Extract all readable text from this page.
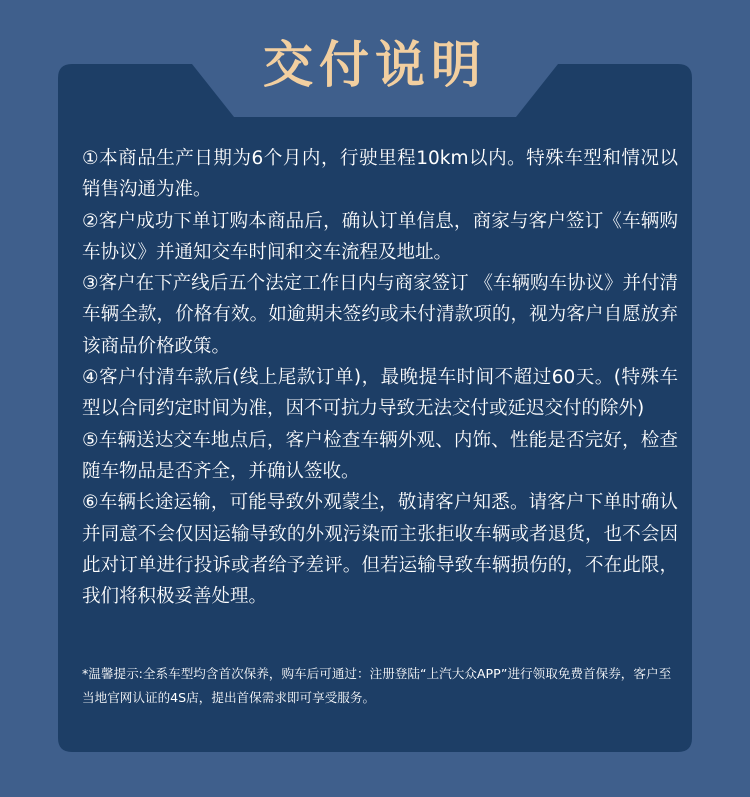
交付说明

①本商品生产日期为6个月内，行驶里程10km以内。特殊车型和情况以销售沟通为准。

②客户成功下单订购本商品后，确认订单信息，商家与客户签订《车辆购车协议》并通知交车时间和交车流程及地址。

③客户在下产线后五个法定工作日内与商家签订 《车辆购车协议》并付清车辆全款，价格有效。如逾期未签约或未付清款项的，视为客户自愿放弃该商品价格政策。

④客户付清车款后(线上尾款订单)，最晚提车时间不超过60天。(特殊车型以合同约定时间为准，因不可抗力导致无法交付或延迟交付的除外)

⑤车辆送达交车地点后，客户检查车辆外观、内饰、性能是否完好，检查随车物品是否齐全，并确认签收。

⑥车辆长途运输，可能导致外观蒙尘，敬请客户知悉。请客户下单时确认并同意不会仅因运输导致的外观污染而主张拒收车辆或者退货，也不会因此对订单进行投诉或者给予差评。但若运输导致车辆损伤的，不在此限，我们将积极妥善处理。

*温馨提示:全系车型均含首次保养，购车后可通过：注册登陆“上汽大众APP”进行领取免费首保券，客户至当地官网认证的4S店，提出首保需求即可享受服务。
